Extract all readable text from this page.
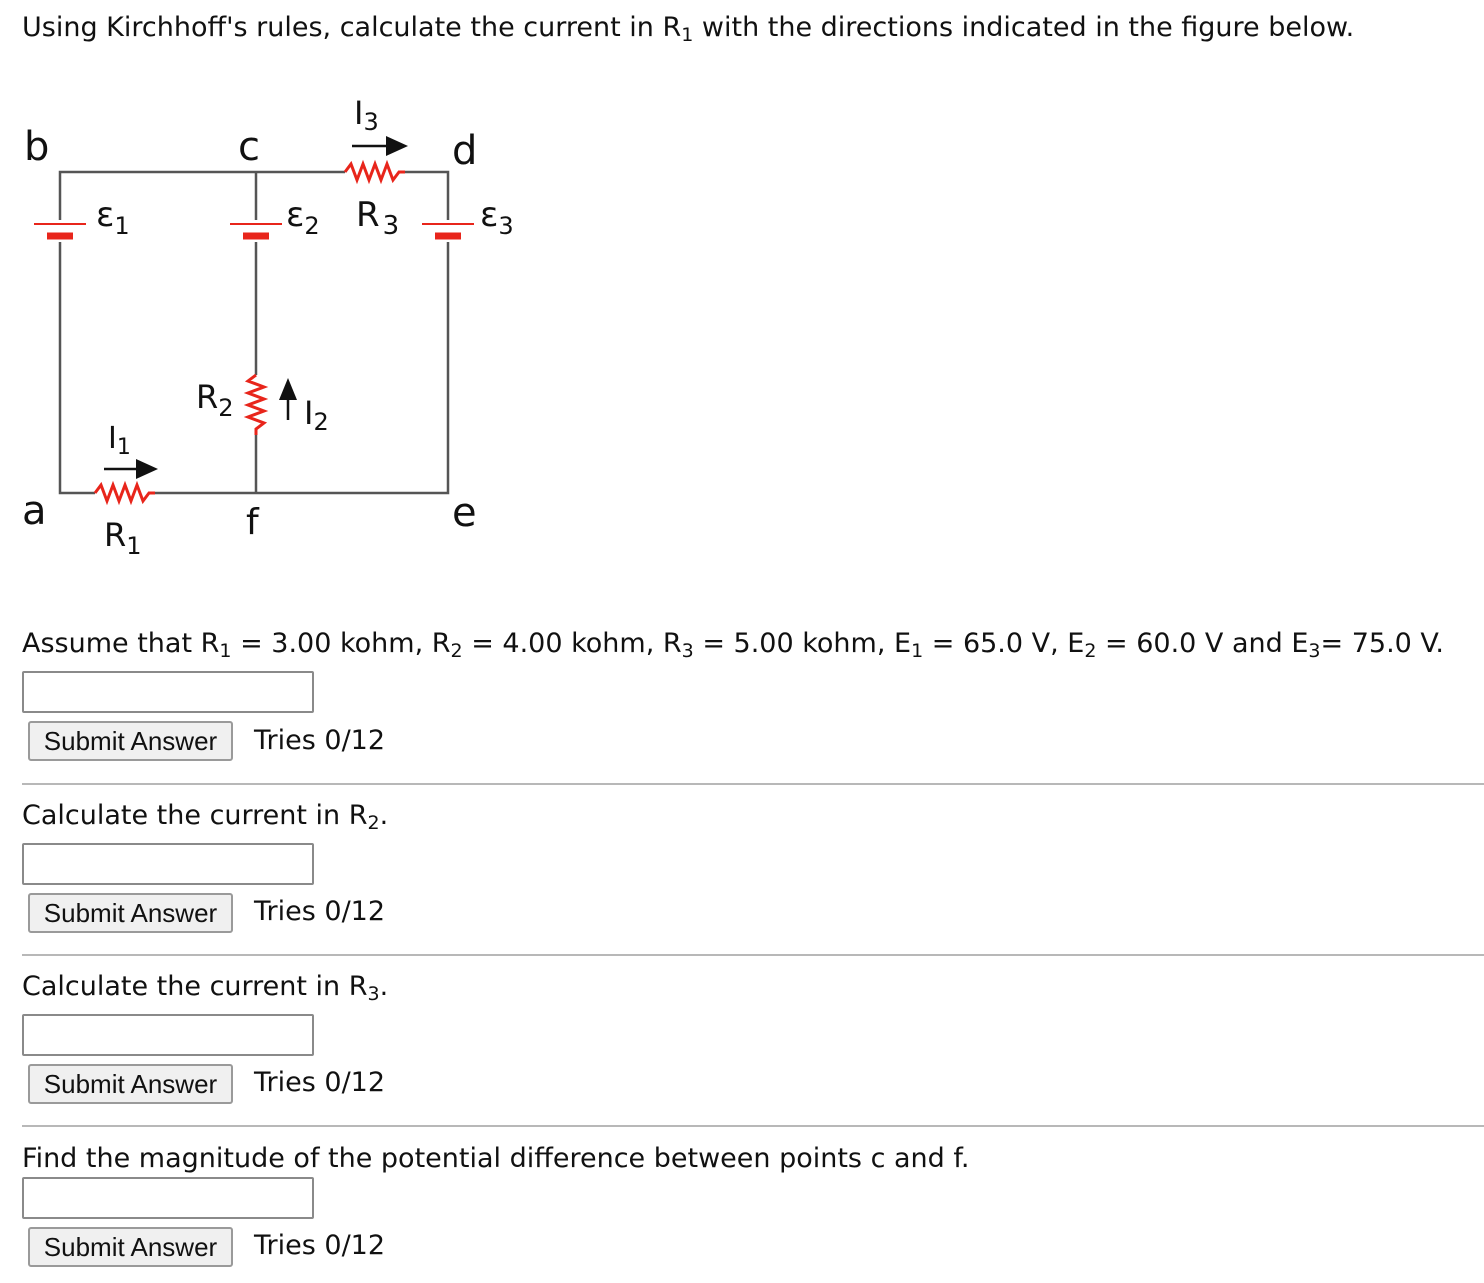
Using Kirchhoff's rules, calculate the current in $R_1$ with the directions indicated in the figure below.
b	c	d
a	f	e
$\varepsilon_1$	$\varepsilon_2$	$\varepsilon_3$
R $_3$
$R_2$
$R_1$
I3
$I_1$
I2
Assume that $R_1 = 3.00$ kohm, $R_2 = 4.00$ kohm, $R_3 = 5.00$ kohm, $E_1 = 65.0$ V, $E_2 = 60.0$ V and $E_3= 75.0$ V.
Submit Answer	Tries 0/12
Calculate the current in $R_2$.
Submit Answer	Tries 0/12
Calculate the current in $R_3$.
Submit Answer	Tries 0/12
Find the magnitude of the potential difference between points c and f.
Submit Answer	Tries 0/12
